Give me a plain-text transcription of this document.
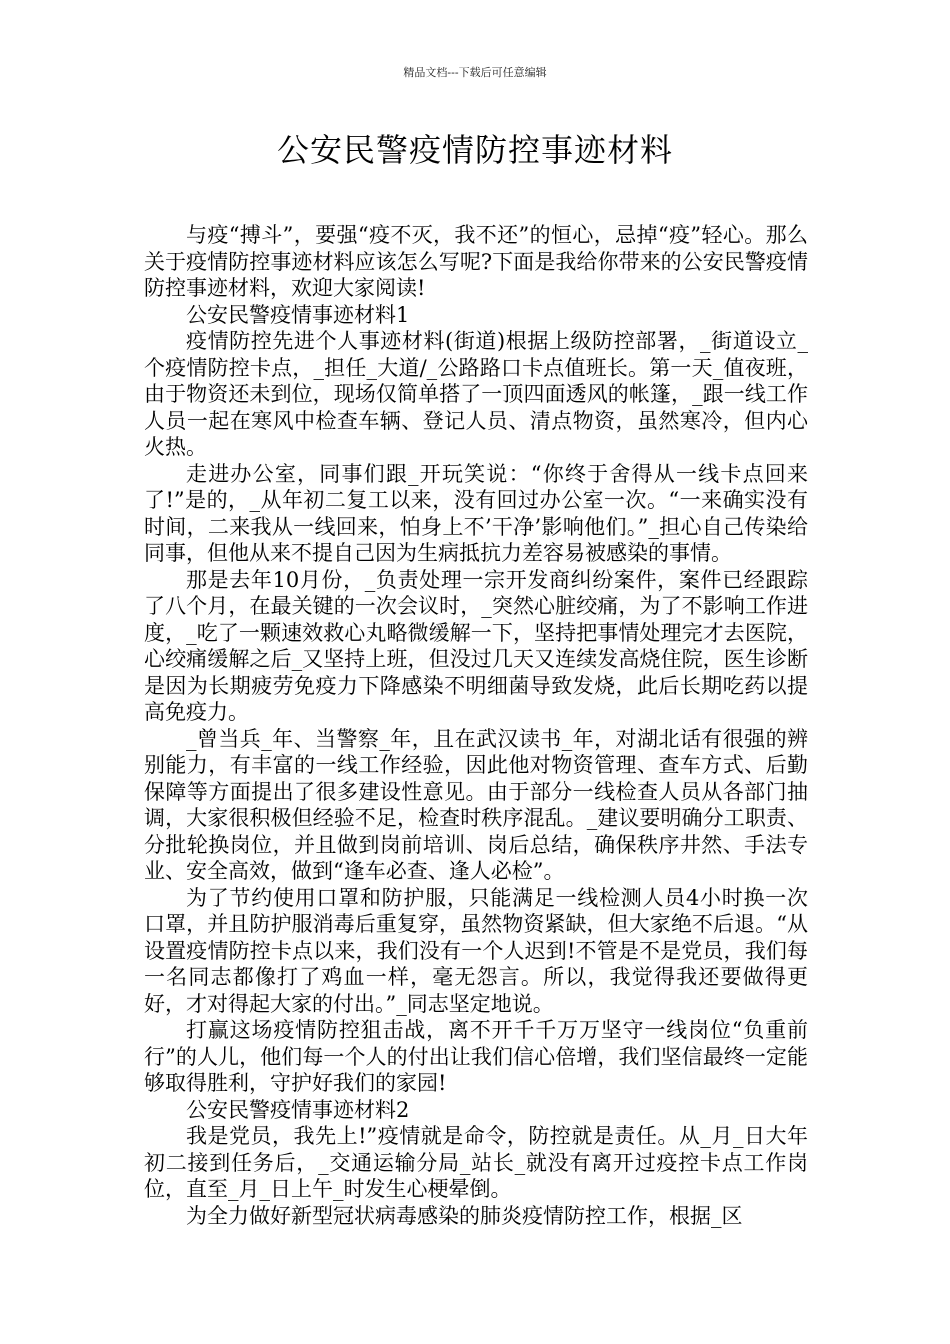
精品文档---下载后可任意编辑
公安民警疫情防控事迹材料

与疫“搏斗”，要强“疫不灭，我不还”的恒心，忌掉“疫”轻心。那么关于疫情防控事迹材料应该怎么写呢?下面是我给你带来的公安民警疫情防控事迹材料，欢迎大家阅读!

公安民警疫情事迹材料1

疫情防控先进个人事迹材料(街道)根据上级防控部署，_街道设立_个疫情防控卡点，_担任_大道/_公路路口卡点值班长。第一天_值夜班，由于物资还未到位，现场仅简单搭了一顶四面透风的帐篷，_跟一线工作人员一起在寒风中检查车辆、登记人员、清点物资，虽然寒冷，但内心火热。

走进办公室，同事们跟_开玩笑说：“你终于舍得从一线卡点回来了!”是的，_从年初二复工以来，没有回过办公室一次。“一来确实没有时间，二来我从一线回来，怕身上不’干净’影响他们。”_担心自己传染给同事，但他从来不提自己因为生病抵抗力差容易被感染的事情。

那是去年10月份，_负责处理一宗开发商纠纷案件，案件已经跟踪了八个月，在最关键的一次会议时，_突然心脏绞痛，为了不影响工作进度，_吃了一颗速效救心丸略微缓解一下，坚持把事情处理完才去医院，心绞痛缓解之后_又坚持上班，但没过几天又连续发高烧住院，医生诊断是因为长期疲劳免疫力下降感染不明细菌导致发烧，此后长期吃药以提高免疫力。

_曾当兵_年、当警察_年，且在武汉读书_年，对湖北话有很强的辨别能力，有丰富的一线工作经验，因此他对物资管理、查车方式、后勤保障等方面提出了很多建设性意见。由于部分一线检查人员从各部门抽调，大家很积极但经验不足，检查时秩序混乱。_建议要明确分工职责、分批轮换岗位，并且做到岗前培训、岗后总结，确保秩序井然、手法专业、安全高效，做到“逢车必查、逢人必检”。

为了节约使用口罩和防护服，只能满足一线检测人员4小时换一次口罩，并且防护服消毒后重复穿，虽然物资紧缺，但大家绝不后退。“从设置疫情防控卡点以来，我们没有一个人迟到!不管是不是党员，我们每一名同志都像打了鸡血一样，毫无怨言。所以，我觉得我还要做得更好，才对得起大家的付出。”_同志坚定地说。

打赢这场疫情防控狙击战，离不开千千万万坚守一线岗位“负重前行”的人儿，他们每一个人的付出让我们信心倍增，我们坚信最终一定能够取得胜利，守护好我们的家园!

公安民警疫情事迹材料2

我是党员，我先上!”疫情就是命令，防控就是责任。从_月_日大年初二接到任务后，_交通运输分局_站长_就没有离开过疫控卡点工作岗位，直至_月_日上午_时发生心梗晕倒。

为全力做好新型冠状病毒感染的肺炎疫情防控工作，根据_区
